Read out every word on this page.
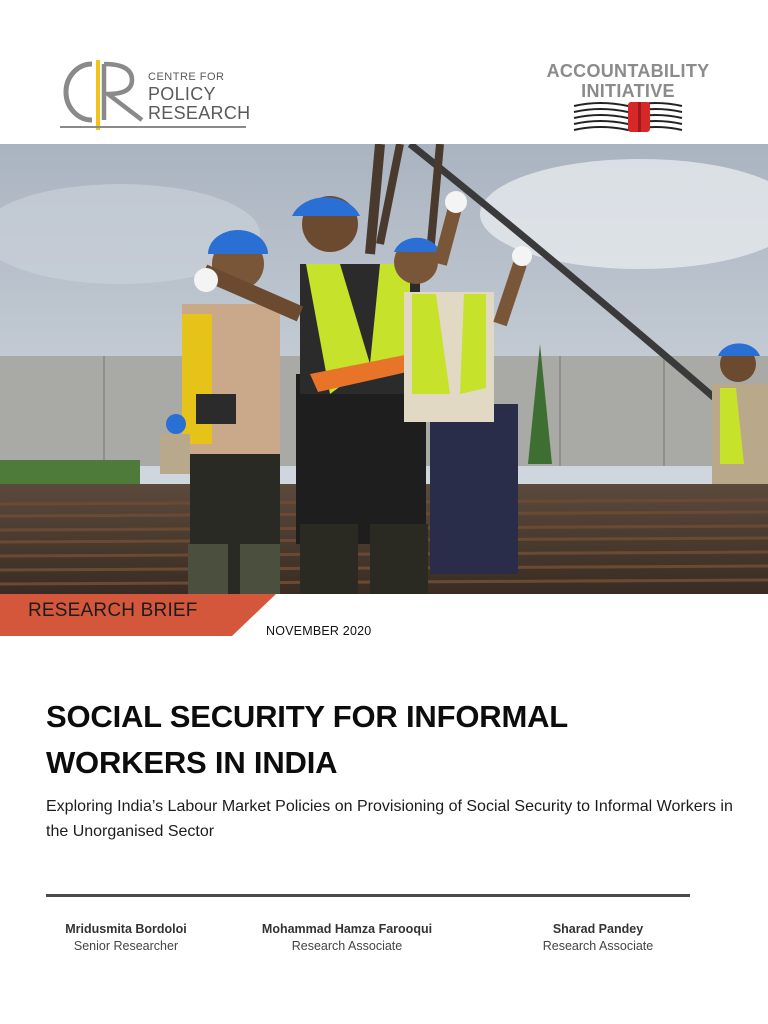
CENTRE FOR
POLICY
RESEARCH
ACCOUNTABILITY
INITIATIVE
RESEARCH BRIEF
NOVEMBER 2020
SOCIAL SECURITY FOR INFORMAL
WORKERS IN INDIA
Exploring India’s Labour Market Policies on Provisioning of Social Security to Informal Workers in the Unorganised Sector
Mridusmita Bordoloi
Senior Researcher
Mohammad Hamza Farooqui
Research Associate
Sharad Pandey
Research Associate
